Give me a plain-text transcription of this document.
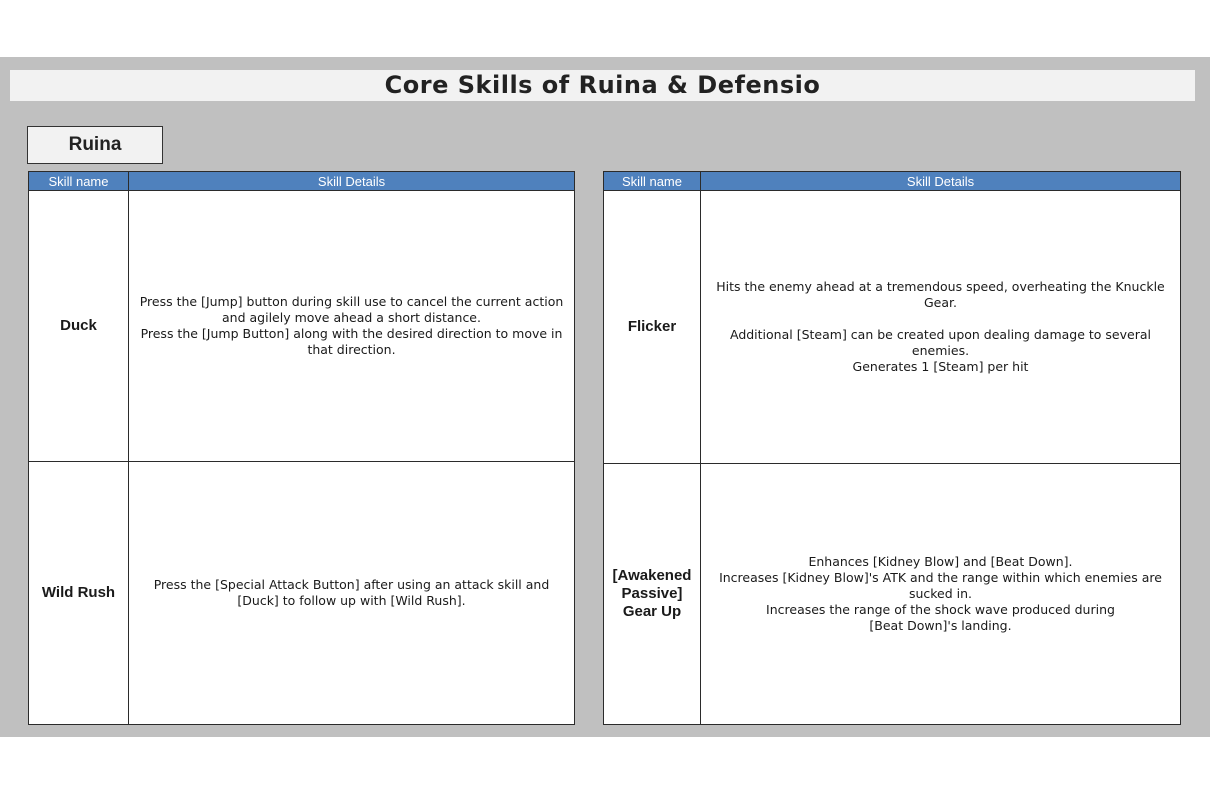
Core Skills of Ruina & Defensio
Ruina
Skill name	Skill Details
Duck	Press the [Jump] button during skill use to cancel the current action
and agilely move ahead a short distance.
Press the [Jump Button] along with the desired direction to move in
that direction.

Wild Rush	Press the [Special Attack Button] after using an attack skill and
[Duck] to follow up with [Wild Rush].
Skill name	Skill Details
Flicker	Hits the enemy ahead at a tremendous speed, overheating the Knuckle Gear.
Additional [Steam] can be created upon dealing damage to several enemies.
Generates 1 [Steam] per hit

[Awakened
Passive]
Gear Up	Enhances [Kidney Blow] and [Beat Down].
Increases [Kidney Blow]'s ATK and the range within which enemies are
sucked in.
Increases the range of the shock wave produced during
[Beat Down]'s landing.
